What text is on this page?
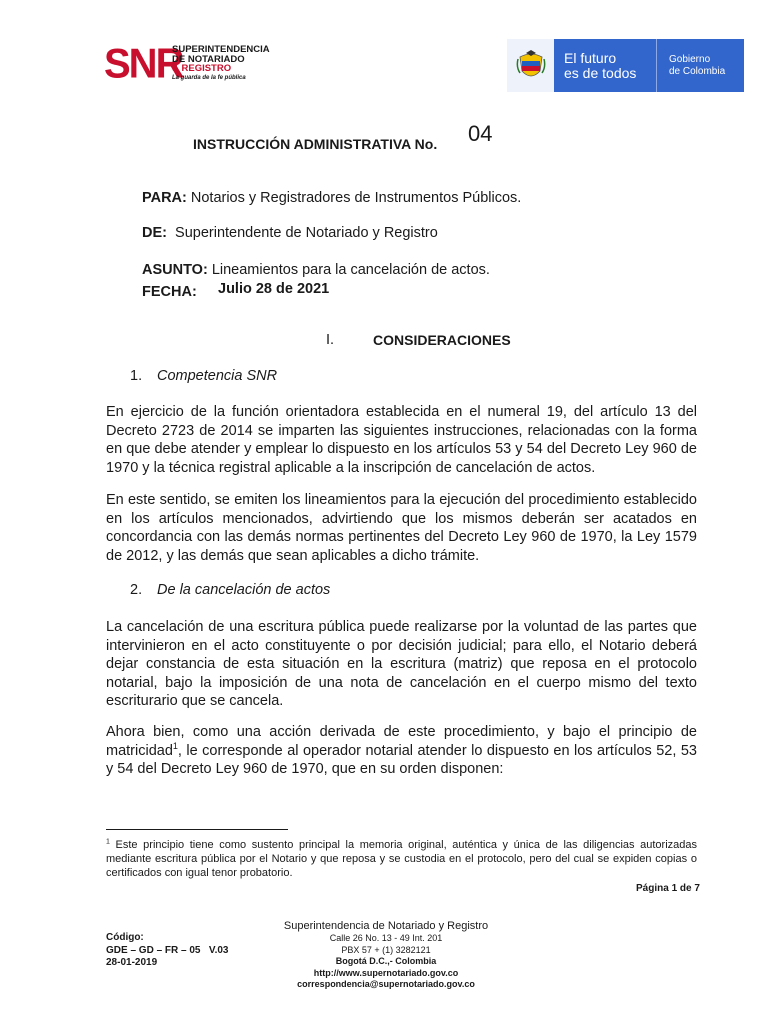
SNR
SUPERINTENDENCIA
DE NOTARIADO
& REGISTRO
La guarda de la fe pública
El futuro
es de todos
Gobierno
de Colombia
INSTRUCCIÓN ADMINISTRATIVA No. 04
PARA: Notarios y Registradores de Instrumentos Públicos.
DE: Superintendente de Notariado y Registro
ASUNTO: Lineamientos para la cancelación de actos.
FECHA: Julio 28 de 2021
I.	CONSIDERACIONES
1. Competencia SNR
En ejercicio de la función orientadora establecida en el numeral 19, del artículo 13 del Decreto 2723 de 2014 se imparten las siguientes instrucciones, relacionadas con la forma en que debe atender y emplear lo dispuesto en los artículos 53 y 54 del Decreto Ley 960 de 1970 y la técnica registral aplicable a la inscripción de cancelación de actos.
En este sentido, se emiten los lineamientos para la ejecución del procedimiento establecido en los artículos mencionados, advirtiendo que los mismos deberán ser acatados en concordancia con las demás normas pertinentes del Decreto Ley 960 de 1970, la Ley 1579 de 2012, y las demás que sean aplicables a dicho trámite.
2. De la cancelación de actos
La cancelación de una escritura pública puede realizarse por la voluntad de las partes que intervinieron en el acto constituyente o por decisión judicial; para ello, el Notario deberá dejar constancia de esta situación en la escritura (matriz) que reposa en el protocolo notarial, bajo la imposición de una nota de cancelación en el cuerpo mismo del texto escriturario que se cancela.
Ahora bien, como una acción derivada de este procedimiento, y bajo el principio de matricidad$^1$, le corresponde al operador notarial atender lo dispuesto en los artículos 52, 53 y 54 del Decreto Ley 960 de 1970, que en su orden disponen:
$^1$ Este principio tiene como sustento principal la memoria original, auténtica y única de las diligencias autorizadas mediante escritura pública por el Notario y que reposa y se custodia en el protocolo, pero del cual se expiden copias o certificados con igual tenor probatorio.
Página 1 de 7
Código:
GDE – GD – FR – 05   V.03
28-01-2019
Superintendencia de Notariado y Registro
Calle 26 No. 13 - 49 Int. 201
PBX 57 + (1) 3282121
Bogotá D.C.,- Colombia
http://www.supernotariado.gov.co
correspondencia@supernotariado.gov.co
